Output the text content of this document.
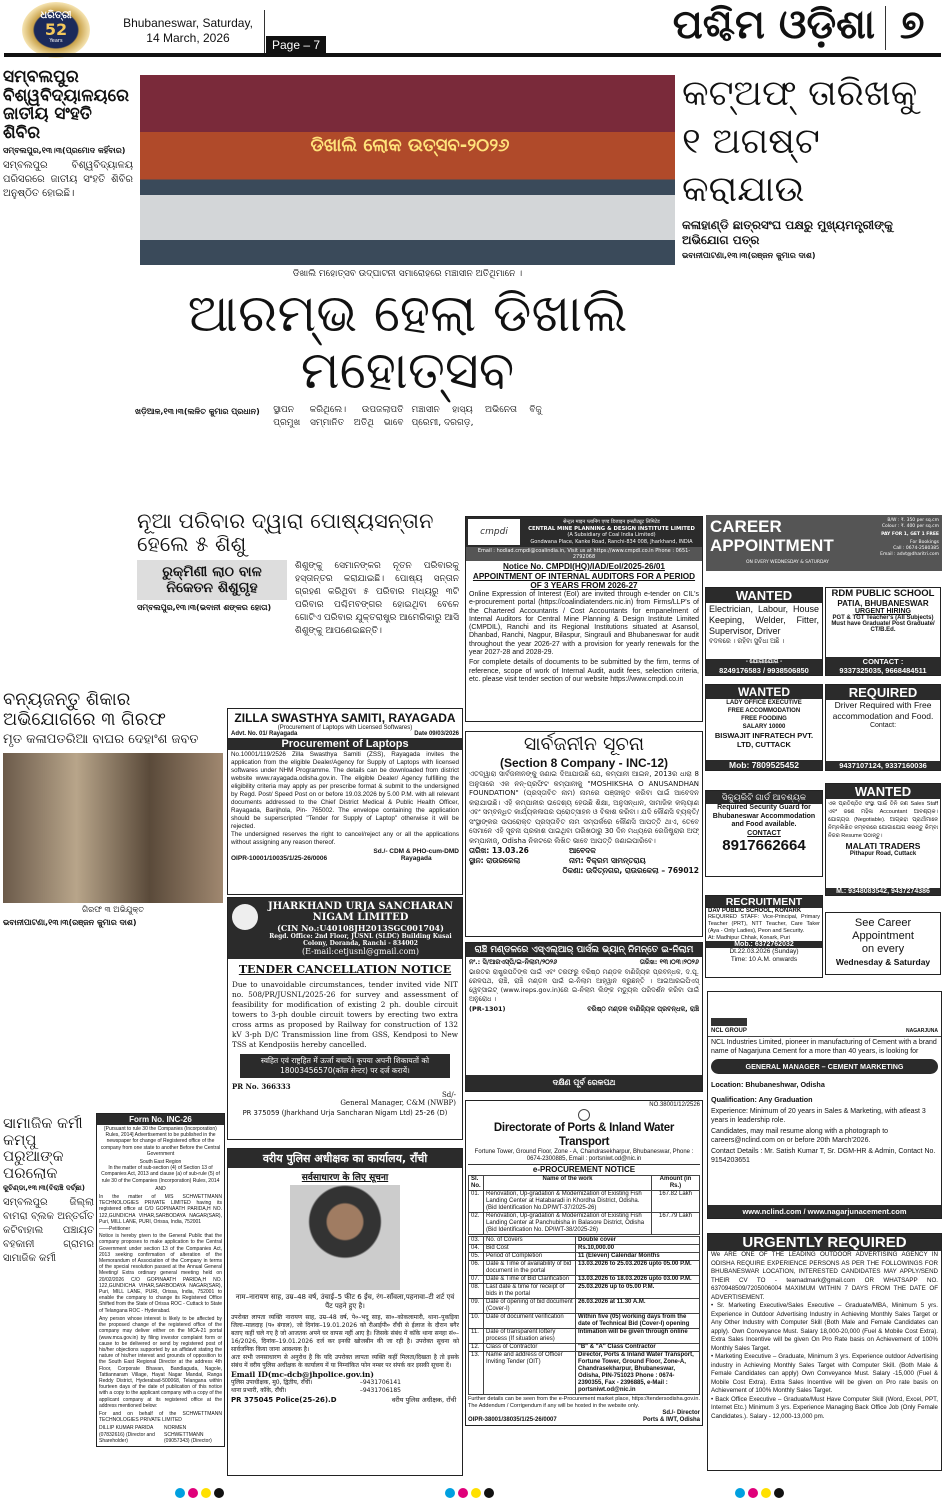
ଧରିତ୍ରୀ
52
Years
Bhubaneswar, Saturday,
14 March, 2026	Page – 7	ପଶ୍ଚିମ ଓଡ଼ିଶା ୭
ସମ୍ବଲପୁର ବିଶ୍ୱବିଦ୍ୟାଳୟରେ ଜାତୀୟ ସଂହତି ଶିବିର
ସମ୍ବଲପୁର,୧୩।୩(ପ୍ରମୋଦ କହିଁବାର)
ସମ୍ବଲପୁର ବିଶ୍ୱବିଦ୍ୟାଳୟ ପରିସରରେ ଜାତୀୟ ସଂହତି ଶିବିର ଅନୁଷ୍ଠିତ ହୋଇଛି।
ଡିଖାଲି ଲୋକ ଉତ୍ସବ-୨୦୨୬
ଡିଖାଲି ମହୋତ୍ସବ ଉଦ୍‌ଘାଟନୀ ସମାରୋହରେ ମଞ୍ଚାସୀନ ଅତିଥିମାନେ ।
ଆରମ୍ଭ ହେଲା ଡିଖାଲି ମହୋତ୍ସବ
ଖଡ଼ିଆଳ,୧୩।୩(ଲଳିତ କୁମାର ପ୍ରଧାନ)	ସ୍ଥାପନ କରିଥିଲେ। ଉପଜଲାପତି ପ୍ରମୁଖ ସମ୍ମାନିତ ଅତିଥି ଭାବେ ମଞ୍ଚାସୀନ ହାସ୍ୟ ଅଭିନେତା ବିଜୁ ପ୍ରେମୀ, ଦରଗଡ଼,
କଟ୍‌ଅଫ୍ ତାରିଖକୁ ୧ ଅଗଷ୍ଟ କରାଯାଉ
କଳାହାଣ୍ଡି ଛାତ୍ରସଂଘ ପକ୍ଷରୁ ମୁଖ୍ୟମନ୍ତ୍ରୀଙ୍କୁ ଅଭିଯୋଗ ପତ୍ର
ଭବାନୀପାଟଣା,୧୩।୩(ରଞ୍ଜନ କୁମାର ଦାଶ)
ନୂଆ ପରିବାର ଦ୍ୱାରା ପୋଷ୍ୟସନ୍ତାନ ହେଲେ ୫ ଶିଶୁ
ରୁକ୍ମିଣୀ ଲାଠ ବାଳ ନିକେତନ ଶିଶୁଗୃହ
ସମ୍ବଲପୁର,୧୩।୩(ଭବାନୀ ଶଙ୍କର ହୋତା)
ଶିଶୁଙ୍କୁ ସେମାନଙ୍କର ନୂତନ ପରିବାରକୁ ହସ୍ତାନ୍ତର କରାଯାଇଛି। ପୋଷ୍ୟ ସନ୍ତାନ ଗ୍ରହଣ କରିଥିବା ୫ ପରିବାର ମଧ୍ୟରୁ ୩ଟି ପରିବାର ପଶ୍ଚିମବଙ୍ଗର ହୋଇଥିବା ବେଳେ ଗୋଟିଏ ପରିବାର ଯୁକ୍ତରାଷ୍ଟ୍ର ଆମେରିକାରୁ ଆସି ଶିଶୁଙ୍କୁ ଆପଣେଇଛନ୍ତି।
ବନ୍ୟଜନ୍ତୁ ଶିକାର ଅଭିଯୋଗରେ ୩ ଗିରଫ
ମୃତ କଳାପତରିଆ ବାଘର ଦେହାଂଶ ଜବତ
ଗିରଫ ୩ ଅଭିଯୁକ୍ତ
ଭବାନୀପାଟଣା,୧୩।୩(ରଞ୍ଜନ କୁମାର ଦାଶ)
ସାମାଜିକ କର୍ମୀ କମ୍ପୁ ପରୁଆଙ୍କ ପରଲୋକ
କୁଚିଣ୍ଡା,୧୩।୩(ବିରାଞ୍ଚି ଦର୍ଚ୍ଛା)
ସମ୍ବଲପୁର ଜିଲ୍ଲା ବାମରା ବ୍ଲକ ଅନ୍ତର୍ଗତ କଟିବାହାଲ ପଞ୍ଚାୟତ ବହକାନୀ ଗ୍ରାମର ସାମାଜିକ କର୍ମୀ
Form No. INC-26
[Pursuant to rule 30 the Companies (Incorporation) Rules, 2014] Advertisement to be published in the newspaper for change of Registered office of the company from one state to another Before the Central Government
South East Region
In the matter of sub-section (4) of Section 13 of Companies Act, 2013 and clause (a) of sub-rule (5) of rule 30 of the Companies (Incorporation) Rules, 2014
AND
In the matter of M/S SCHWETTMANN TECHNOLOGIES PRIVATE LIMITED having its registered office at C/O GOPINAATH PARIDA,H NO. 122,GUNDICHA VIHAR,SARBODAYA NAGAR(SAR), Puri, MILL LANE, PURI, Orissa, India, 752001
——Petitioner
Notice is hereby given to the General Public that the company proposes to make application to the Central Government under section 13 of the Companies Act, 2013 seeking confirmation of alteration of the Memorandum of Association of the Company in terms of the special resolution passed at the Annual General Meeting/ Extra ordinary general meeting held on 20/02/2026 C/O GOPINAATH PARIDA,H NO. 122,GUNDICHA VIHAR,SARBODAYA NAGAR(SAR), Puri, MILL LANE, PURI, Orissa, India, 752001 to enable the company to change its Registered Office Shifted from the State of Orissa ROC - Cuttack to State of Telangana ROC - Hyderabad.
Any person whose interest is likely to be affected by the proposed change of the registered office of the company may deliver either on the MCA-21 portal (www.mca.gov.in) by filing investor complaint form or cause to be delivered or send by registered post of his/her objections supported by an affidavit stating the nature of his/her interest and grounds of opposition to the South East Regional Director at the address 4th Floor, Corporate Bhavan, Bandlaguda, Nagole, Tattiannaram Village, Hayat Nagar Mandal, Ranga Reddy District, Hyderabad-500068, Telangana within fourteen days of the date of publication of this notice with a copy to the applicant company with a copy of the applicant company at its registered office at the address mentioned below:
For and on behalf of the SCHWETTMANN TECHNOLOGIES PRIVATE LIMITED
DILLIP KUMAR PARIDA (07832616) (Director and Shareholder)
NORMEN SCHWETTMANN (09057343) (Director)
ZILLA SWASTHYA SAMITI, RAYAGADA
(Procurement of Laptops with Licensed Softwares)
Advt. No. 01/ Rayagada	Date 09/03/2026
Procurement of Laptops
No.10001/119/2526 Zilla Swasthya Samiti (ZSS), Rayagada invites the application from the eligible Dealer/Agency for Supply of Laptops with licensed softwares under NHM Programme. The details can be downloaded from district website www.rayagada.odisha.gov.in. The eligible Dealer/ Agency fulfilling the eligibility criteria may apply as per prescribe format & submit to the undersigned by Regd. Post/ Speed Post on or before 19.03.2026 by 5.00 P.M. with all relevant documents addressed to the Chief District Medical & Public Health Officer, Rayagada, Barijhola, Pin- 765002. The envelope containing the application should be superscripted "Tender for Supply of Laptop" otherwise it will be rejected.
The undersigned reserves the right to cancel/reject any or all the applications without assigning any reason thereof.
OIPR-10001/10035/1/25-26/0006
Sd./- CDM & PHO-cum-DMD
Rayagada
JHARKHAND URJA SANCHARAN NIGAM LIMITED
(CIN No.:U40108JH2013SGC001704)
Regd. Office: 2nd Floor, JUSNL (SLDC) Building Kusai Colony, Doranda, Ranchi - 834002
(E-mail:cetjusnl@gmail.com)
TENDER CANCELLATION NOTICE
Due to unavoidable circumstances, tender invited vide NIT no. 508/PR/JUSNL/2025-26 for survey and assessment of feasibility for modification of existing 2 ph. double circuit towers to 3-ph double circuit towers by erecting two extra cross arms as proposed by Railway for construction of 132 kV 3-ph D/C Transmission line from GSS, Kendposi to New TSS at Kendposiis hereby cancelled.
स्वहित एवं राष्ट्रहित में ऊर्जा बचायें। कृपया अपनी शिकायतों को 18003456570(कॉल सेन्टर) पर दर्ज करायें।
PR No. 366333
Sd/-
General Manager, C&M (NWBP)
PR 375059 (Jharkhand Urja Sancharan Nigam Ltd) 25-26 (D)
वरीय पुलिस अधीक्षक का कार्यालय, राँची
सर्वसाधारण के लिए सूचना
नाम–नारायण साह, उम्र–48 वर्ष, उंचाई–5 फीट 6 ईंच, रंग–साँवला,पहनावा–टी शर्ट एवं पैंट पहने हुए है।
उपरोक्त लापता व्यक्ति नारायण साह, उम्र–48 वर्ष, पे०–भदू साह, सा०–कोकलामारी, थाना–पुकड़िया जिला–मालदाह (प० बंगाल), जो दिनांक–19.01.2026 को रीआईपी० राँची से ईलाज के दौरान बगैर बताए कहीं चले गए है जो आजतक अपने घर वापस नहीं आए है। जिसके संबंध में कॉके थाना सनहा सं०–16/2026, दिनांक–19.01.2026 दर्ज कर इनकी खोजबीन की जा रही है। उपरोक्त सूचना को सार्वजनिक किया जाना आवश्यक है।
अतः सभी जनसाधारण से अनुरोध है कि यदि उपरोक्त लापता व्यक्ति कहीं मिलता/दिखता है तो इसके संबंध में वरीय पुलिस अधीक्षक के कार्यालय में या निम्नांकित फोन नम्बर पर संपर्क कर इसकी सूचना दें।
Email ID(mc-dcb@jhpolice.gov.in)
पुलिस उपाधीक्षक, मु0, द्वितीय, राँची।	–9431706141
थाना प्रभारी, कॉके, राँची।	–9431706185
PR 375045 Police(25-26).D	वरीय पुलिस अधीक्षक, राँची
cmpdi
सेन्ट्रल माइन प्लानिंग एण्ड डिजाइन इन्स्टीट्यूट लिमिटेड
CENTRAL MINE PLANNING & DESIGN INSTITUTE LIMITED
(A Subsidiary of Coal India Limited)
Gondwana Place, Kanke Road, Ranchi-834 008, Jharkhand, INDIA
Email : hodiad.cmpdi@coalindia.in, Visit us at https://www.cmpdi.co.in Phone : 0651-2792068
Notice No. CMPDI(HQ)/IAD/EoI/2025-26/01
APPOINTMENT OF INTERNAL AUDITORS FOR A PERIOD OF 3 YEARS FROM 2026-27
Online Expression of Interest (EoI) are invited through e-tender on CIL's e-procurement portal (https://coalindiatenders.nic.in) from Firms/LLP's of the Chartered Accountants / Cost Accountants for empanelment of Internal Auditors for Central Mine Planning & Design Institute Limited (CMPDIL), Ranchi and its Regional Institutions situated at Asansol, Dhanbad, Ranchi, Nagpur, Bilaspur, Singrauli and Bhubaneswar for audit throughout the year 2026-27 with a provision for yearly renewals for the year 2027-28 and 2028-29.
For complete details of documents to be submitted by the firm, terms of reference, scope of work of Internal Audit, audit fees, selection criteria, etc. please visit tender section of our website https://www.cmpdi.co.in
ସାର୍ବଜନୀନ ସୂଚନା
(Section 8 Company - INC-12)
ଏତଦ୍ୱାରା ସାର୍ବଜନୀନଙ୍କୁ ଜଣାଇ ଦିଆଯାଉଛି ଯେ, କମ୍ପାନୀ ଆଇନ, 2013ର ଧାରା 8 ଅନୁସାରେ ଏକ ନନ୍-ପ୍ରଫିଟ କମ୍ପାନୀକୁ "MOSHIKSHA O ANUSANDHAN FOUNDATION" (ପ୍ରସ୍ତାବିତ ନାମ) ନାମରେ ପଞ୍ଜୀକୃତ କରିବା ପାଇଁ ଆବେଦନ କରାଯାଉଛି। ଏହି କମ୍ପାନୀର ଉଦ୍ଦେଶ୍ୟ ହେଉଛି ଶିକ୍ଷା, ଅନୁସନ୍ଧାନ, ସାମାଜିକ କଲ୍ୟାଣ ଏବଂ ସମ୍ବନ୍ଧିତ କାର୍ଯ୍ୟକଳାପର ପ୍ରୋତ୍ସାହନ ଓ ବିକାଶ କରିବା। ଯଦି କୌଣସି ବ୍ୟକ୍ତି/ସଂସ୍ଥାଙ୍କର ଉପରୋକ୍ତ ପ୍ରସ୍ତାବିତ ନାମ ସମ୍ପର୍କରେ କୌଣସି ଆପତ୍ତି ଥାଏ, ତେବେ ସେମାନେ ଏହି ସୂଚନା ପ୍ରକାଶ ପାଇଥିବା ତାରିଖଠାରୁ 30 ଦିନ ମଧ୍ୟରେ ରେଜିଷ୍ଟ୍ରାର ଅଫ୍ କମ୍ପାନୀଜ୍, Odisha ନିକଟରେ ଲିଖିତ ଭାବେ ଆପତ୍ତି ଜଣାଇପାରିବେ।
ତାରିଖ: 13.03.26	ଆବେଦକ
ସ୍ଥାନ: ରାଉରକେଲା	ନାମ: ବିକ୍ରମ ସାମନ୍ତରାୟ
ଠିକଣା: ଉଦିତ୍‌ନଗର, ରାଉରକେଲା – 769012
ରାଞ୍ଚି ମଣ୍ଡଳରେ ଏସ୍‌ଏଲ୍‌ଆର୍ ପାର୍ସଲ ଭ୍ୟାନ୍ ନିମନ୍ତେ ଇ-ନିଲାମ
ନଂ.: ସି/ଆରଏସ୍‌ପି/ଇ-ନିଲାମ/୨୦୨୬	ତାରିଖ: ୧୩।୦୩।୨୦୨୬
ଭାରତର ରାଷ୍ଟ୍ରପତିଙ୍କ ପାଇଁ ଏବଂ ତରଫରୁ ବରିଷ୍ଠ ମଣ୍ଡଳ ବାଣିଜ୍ୟିକ ପ୍ରବନ୍ଧକ, ଦ.ପୂ. ରେଳପଥ, ରାଞ୍ଚି, ରାଞ୍ଚି ମଣ୍ଡଳ ପାଇଁ ଇ-ନିଲାମ ଆହ୍ୱାନ କରୁଛନ୍ତି । ଆଇଆରଇପିଏସ୍ ୱେବ୍‌ସାଇଟ୍ (www.ireps.gov.in)ରେ ଇ-ନିଲାମ ଲିଙ୍କ ମଡ୍ୟୁଲ ପରିଦର୍ଶନ କରିବା ପାଇଁ ଅନୁରୋଧ ।
(PR-1301)	ବରିଷ୍ଠ ମଣ୍ଡଳ ବାଣିଜ୍ୟିକ ପ୍ରବନ୍ଧକ, ରାଞ୍ଚି
ଦକ୍ଷିଣ ପୂର୍ବ ରେଳପଥ
NO.38001/12/2526
Directorate of Ports & Inland Water Transport
Fortune Tower, Ground Floor, Zone - A, Chandrasekharpur, Bhubaneswar, Phone : 0674-2300885, Email : portsniwt.od@nic.in
e-PROCUREMENT NOTICE
Sl. No.	Name of the work	Amount (in Rs.)
01.	Renovation, Up-gradation & Modernization of Existing Fish Landing Center at Hatabaradi in Khordha District, Odisha. (Bid Identification No.DPIWT-37/2025-26)	167.82 Lakh
02.	Renovation, Up-gradation & Modernization of Existing Fish Landing Center at Panchubisha in Balasore District, Odisha (Bid Identification No. DPIWT-38/2025-26)	167.79 Lakh
03.	No. of Covers	Double cover
04.	Bid Cost	Rs.10,000.00
05.	Period of Completion	11 (Eleven) Calendar Months
06.	Date & Time of availability of bid document in the portal	13.03.2026 to 25.03.2026 upto 05.00 P.M.
07.	Date & Time of Bid Clarification	13.03.2026 to 18.03.2026 upto 03.00 P.M.
08.	Last date & time for receipt of bids in the portal	25.03.2026 up to 05.00 P.M.
09.	Date of opening of bid document (Cover-I)	26.03.2026 at 11.30 A.M.
10.	Date of document verification	Within five (05) working days from the date of Technical Bid (Cover-I) opening
11.	Date of transparent lottery process (If situation aries)	Intimation will be given through online
12.	Class of Contractor	"B" & "A" Class Contractor
13.	Name and address of Officer Inviting Tender (OIT)	Director, Ports & Inland Water Transport, Fortune Tower, Ground Floor, Zone-A, Chandrasekharpur, Bhubaneswar, Odisha, PIN-751023 Phone : 0674-2390355, Fax - 2396885, e-Mail : portsniwt.od@nic.in
Further details can be seen from the e-Procurement market place, https://tendersodisha.gov.in. The Addendum / Corrigendum if any will be hosted in the website only.
OIPR-38001/38035/1/25-26/0007
Sd./- Director
Ports & IWT, Odisha
CAREER
APPOINTMENT
ON EVERY WEDNESDAY & SATURDAY
B/W : ₹. 350 per sq.cm
Colour : ₹. 400 per sq.cm
PAY FOR 1, GET 1 FREE
For Bookings
Call : 0674-2580385
Email : advt@dharitri.com
WANTED
Electrician, Labour, House Keeping, Welder, Fitter, Supervisor, Driver
ବଦଳରେ । ରହିବା ସୁବିଧା ଅଛି ।
- ଯୋଗାଯୋଗ -
8249176583 / 9938506850
RDM PUBLIC SCHOOL
PATIA, BHUBANESWAR
URGENT HIRING
PGT & TGT Teacher's (All Subjects) Must have Graduate/ Post Graduate/ CT/B.Ed.
CONTACT :
9337325035, 9668484511
WANTED
LADY OFFICE EXECUTIVE
FREE ACCOMMODATION
FREE FOODING
SALARY 10000
BISWAJIT INFRATECH PVT. LTD, CUTTACK
Mob: 7809525452
REQUIRED
Driver Required with Free accommodation and Food.
Contact:
9437107124, 9337160036
ସିକ୍ୟୁରିଟି ଗାର୍ଡ ଆବଶ୍ୟକ
Required Security Guard for Bhubaneswar Accommodation and Food available.
CONTACT
8917662664
WANTED
ଏକ ପ୍ରତିଷ୍ଠିତ ସଂସ୍ଥା ପାଇଁ ତିନି ଜଣ Sales Staff ଏବଂ ଜଣେ ମହିଳା Accountant ଆବଶ୍ୟକ। ଯୋଗ୍ୟତା (Negotiable). ଆଗ୍ରହୀ ପ୍ରାର୍ଥୀମାନେ ନିମ୍ନଲିଖିତ ନମ୍ବରରେ ଯୋଗାଯୋଗ କରନ୍ତୁ କିମ୍ବା ନିଜର Resume ପଠାନ୍ତୁ।
MALATI TRADERS
Pithapur Road, Cuttack
M.: 9348083542, 9437274386
RECRUITMENT
DAV PUBLIC SCHOOL, KONARK
REQUIRED STAFF: Vice-Principal, Primary Teacher (PRT), NTT Teacher, Care Taker (Aya - Only Ladies), Peon and Security.
At: Madhipur Chhak, Konark, Puri
Mob.: 6372762032
Dt.22.03.2026 (Sunday)
Time: 10 A.M. onwards
See Career
Appointment
on every
Wednesday & Saturday
NCL GROUP	NAGARJUNA
NCL Industries Limited, pioneer in manufacturing of Cement with a brand name of Nagarjuna Cement for a more than 40 years, is looking for
GENERAL MANAGER – CEMENT MARKETING
Location: Bhubaneshwar, Odisha
Qualification: Any Graduation
Experience: Minimum of 20 years in Sales & Marketing, with atleast 3 years in leadership role.
Candidates, may mail resume along with a photograph to careers@nclind.com on or before 20th March'2026.
Contact Details : Mr. Satish Kumar T, Sr. DGM-HR & Admin, Contact No. 9154203651
www.nclind.com / www.nagarjunacement.com
URGENTLY REQUIRED
We ARE ONE OF THE LEADING OUTDOOR ADVERTISING AGENCY IN ODISHA REQUIRE EXPERIENCE PERSONS AS PER THE FOLLOWINGS FOR BHUBANESWAR LOCATION, INTERESTED CANDIDATES MAY APPLY/SEND THEIR CV TO - teamadmark@gmail.com OR WHATSAPP NO. 6370948509/7205006004 MAXIMUM WITHIN 7 DAYS FROM THE DATE OF ADVERTISEMENT.
• Sr. Marketing Executive/Sales Executive – Graduate/MBA, Minimum 5 yrs. Experience in Outdoor Advertising Industry in Achieving Monthly Sales Target or Any Other Industry with Computer Skill (Both Male and Female Candidates can apply). Own Conveyance Must. Salary 18,000-20,000 (Fuel & Mobile Cost Extra). Extra Sales Incentive will be given On Pro Rate basis on Achievement of 100% Monthly Sales Target.
• Marketing Executive – Graduate, Minimum 3 yrs. Experience outdoor Advertising industry in Achieving Monthly Sales Target with Computer Skill. (Both Male & Female Candidates can apply) Own Conveyance Must. Salary -15,000 (Fuel & Mobile Cost Extra). Extra Sales Incentive will be given on Pro rate basis on Achievement of 100% Monthly Sales Target.
• Back Office Executive – Graduate/Must Have Computer Skill (Word, Excel, PPT, Internet Etc.) Minimum 3 yrs. Experience Managing Back Office Job (Only Female Candidates.). Salary - 12,000-13,000 pm.
